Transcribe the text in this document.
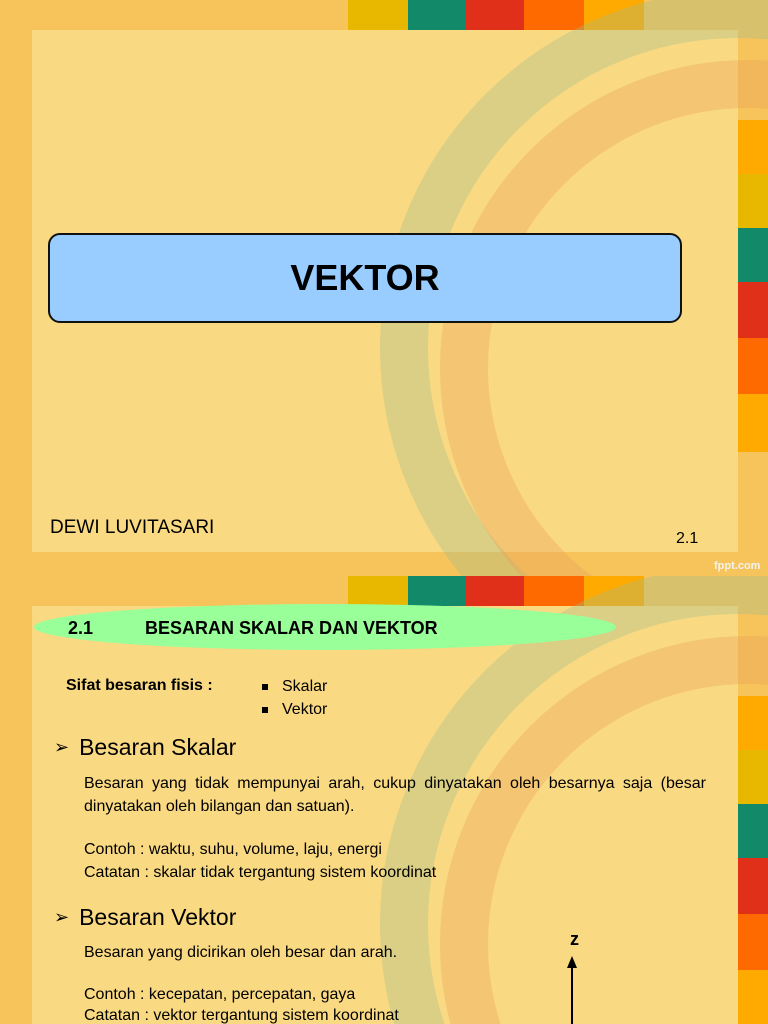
VEKTOR
DEWI LUVITASARI
2.1
fppt.com
2.1	BESARAN SKALAR DAN VEKTOR
Sifat besaran fisis :	Skalar
Vektor
➢ Besaran Skalar
Besaran yang tidak mempunyai arah, cukup dinyatakan oleh besarnya saja (besar dinyatakan oleh bilangan dan satuan).
Contoh : waktu, suhu, volume, laju, energi
Catatan : skalar tidak tergantung sistem koordinat
➢ Besaran Vektor
Besaran yang dicirikan oleh besar dan arah.
Contoh : kecepatan, percepatan, gaya
Catatan : vektor tergantung sistem koordinat
z
